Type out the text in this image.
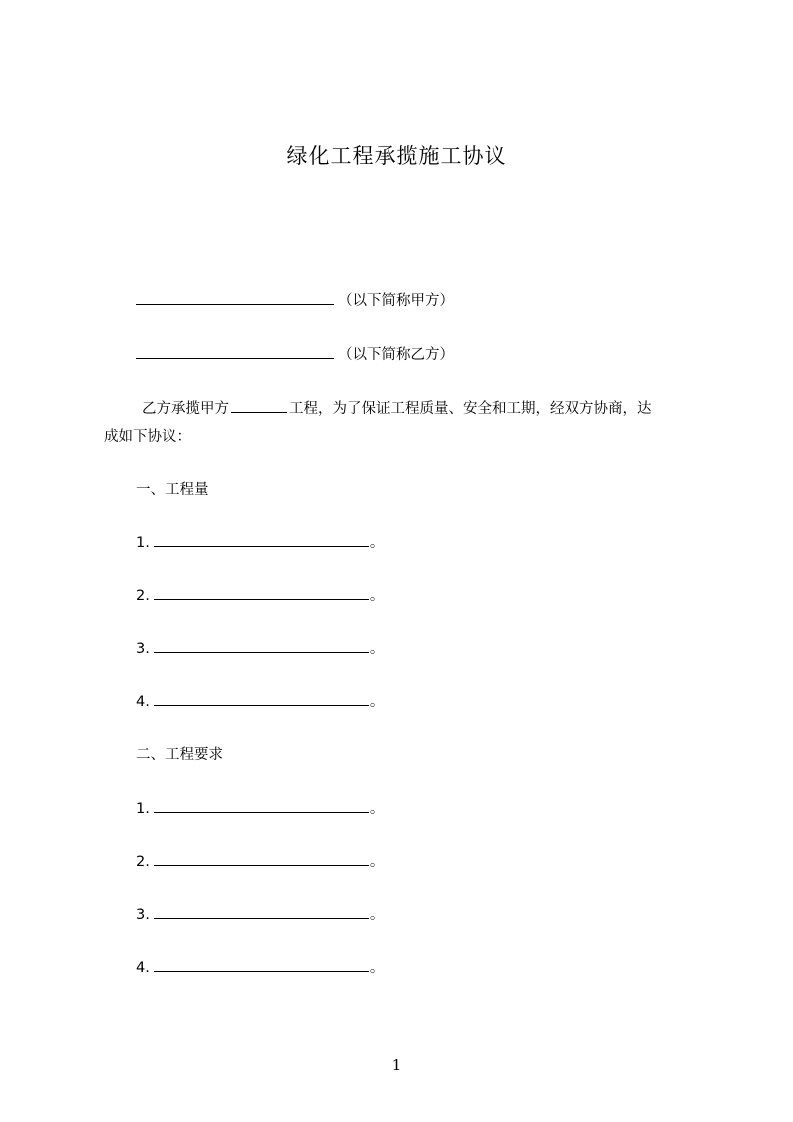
绿化工程承揽施工协议
（以下简称甲方）
（以下简称乙方）
乙方承揽甲方	工程，为了保证工程质量、安全和工期，经双方协商，达
成如下协议：
一、工程量
1.	。
2.	。
3.	。
4.	。
二、工程要求
1.	。
2.	。
3.	。
4.	。
1
